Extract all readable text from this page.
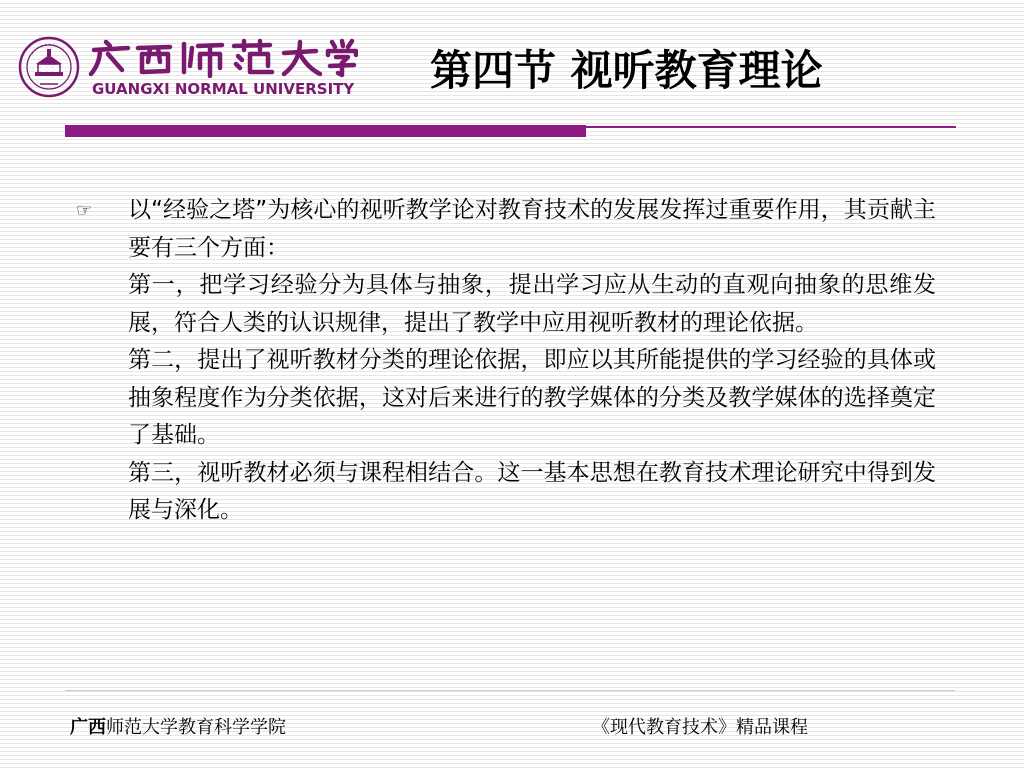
GUANGXI NORMAL UNIVERSITY 第四节 视听教育理论
☞	以“经验之塔”为核心的视听教学论对教育技术的发展发挥过重要作用，其贡献主要有三个方面：
第一，把学习经验分为具体与抽象，提出学习应从生动的直观向抽象的思维发展，符合人类的认识规律，提出了教学中应用视听教材的理论依据。
第二，提出了视听教材分类的理论依据，即应以其所能提供的学习经验的具体或抽象程度作为分类依据，这对后来进行的教学媒体的分类及教学媒体的选择奠定了基础。
第三，视听教材必须与课程相结合。这一基本思想在教育技术理论研究中得到发展与深化。
广西师范大学教育科学学院	《现代教育技术》精品课程
